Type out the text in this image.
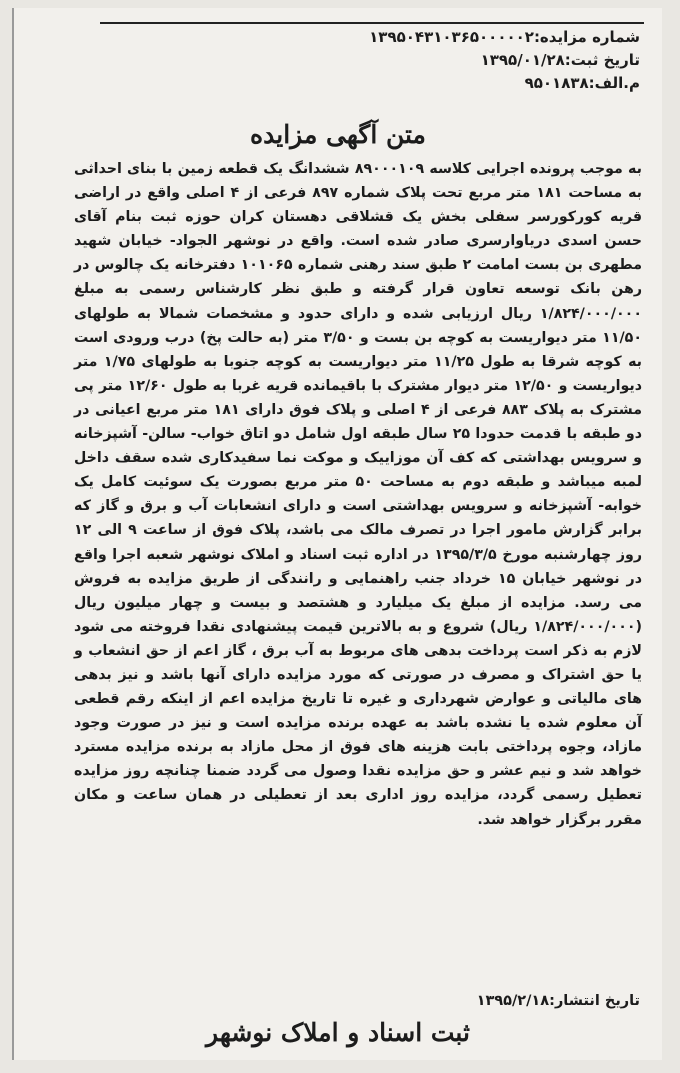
شماره مزایده:۱۳۹۵۰۴۳۱۰۳۶۵۰۰۰۰۰۲
تاریخ ثبت:۱۳۹۵/۰۱/۲۸
م.الف:۹۵۰۱۸۳۸
متن آگهی مزایده
به موجب پرونده اجرایی کلاسه ۸۹۰۰۰۱۰۹ ششدانگ یک قطعه زمین با بنای احداثی به مساحت ۱۸۱ متر مربع تحت پلاک شماره ۸۹۷ فرعی از ۴ اصلی واقع در اراضی قریه کورکورسر سفلی بخش یک قشلاقی دهستان کران حوزه ثبت بنام آقای حسن اسدی دریاوارسری صادر شده است. واقع در نوشهر الجواد- خیابان شهید مطهری بن بست امامت ۲ طبق سند رهنی شماره ۱۰۱۰۶۵ دفترخانه یک چالوس در رهن بانک توسعه تعاون قرار گرفته و طبق نظر کارشناس رسمی به مبلغ ۱/۸۲۴/۰۰۰/۰۰۰ ریال ارزیابی شده و دارای حدود و مشخصات شمالا به طولهای ۱۱/۵۰ متر دیواریست به کوچه بن بست و ۳/۵۰ متر (به حالت پخ) درب ورودی است به کوچه شرقا به طول ۱۱/۲۵ متر دیواریست به کوچه جنوبا به طولهای ۱/۷۵ متر دیواریست و ۱۲/۵۰ متر دیوار مشترک با باقیمانده قریه غربا به طول ۱۲/۶۰ متر پی مشترک به پلاک ۸۸۳ فرعی از ۴ اصلی و پلاک فوق دارای ۱۸۱ متر مربع اعیانی در دو طبقه با قدمت حدودا ۲۵ سال طبقه اول شامل دو اتاق خواب- سالن- آشپزخانه و سرویس بهداشتی که کف آن موزاییک و موکت نما سفیدکاری شده سقف داخل لمبه میباشد و طبقه دوم به مساحت ۵۰ متر مربع بصورت یک سوئیت کامل یک خوابه- آشپزخانه و سرویس بهداشتی است و دارای انشعابات آب و برق و گاز که برابر گزارش مامور اجرا در تصرف مالک می باشد، پلاک فوق از ساعت ۹ الی ۱۲ روز چهارشنبه مورخ ۱۳۹۵/۳/۵ در اداره ثبت اسناد و املاک نوشهر شعبه اجرا واقع در نوشهر خیابان ۱۵ خرداد جنب راهنمایی و رانندگی از طریق مزایده به فروش می رسد. مزایده از مبلغ یک میلیارد و هشتصد و بیست و چهار میلیون ریال (۱/۸۲۴/۰۰۰/۰۰۰ ریال) شروع و به بالاترین قیمت پیشنهادی نقدا فروخته می شود لازم به ذکر است پرداخت بدهی های مربوط به آب برق ، گاز اعم از حق انشعاب و یا حق اشتراک و مصرف در صورتی که مورد مزایده دارای آنها باشد و نیز بدهی های مالیاتی و عوارض شهرداری و غیره تا تاریخ مزایده اعم از اینکه رقم قطعی آن معلوم شده یا نشده باشد به عهده برنده مزایده است و نیز در صورت وجود مازاد، وجوه پرداختی بابت هزینه های فوق از محل مازاد به برنده مزایده مسترد خواهد شد و نیم عشر و حق مزایده نقدا وصول می گردد ضمنا چنانچه روز مزایده تعطیل رسمی گردد، مزایده روز اداری بعد از تعطیلی در همان ساعت و مکان مقرر برگزار خواهد شد.
تاریخ انتشار:۱۳۹۵/۲/۱۸
ثبت اسناد و املاک نوشهر
